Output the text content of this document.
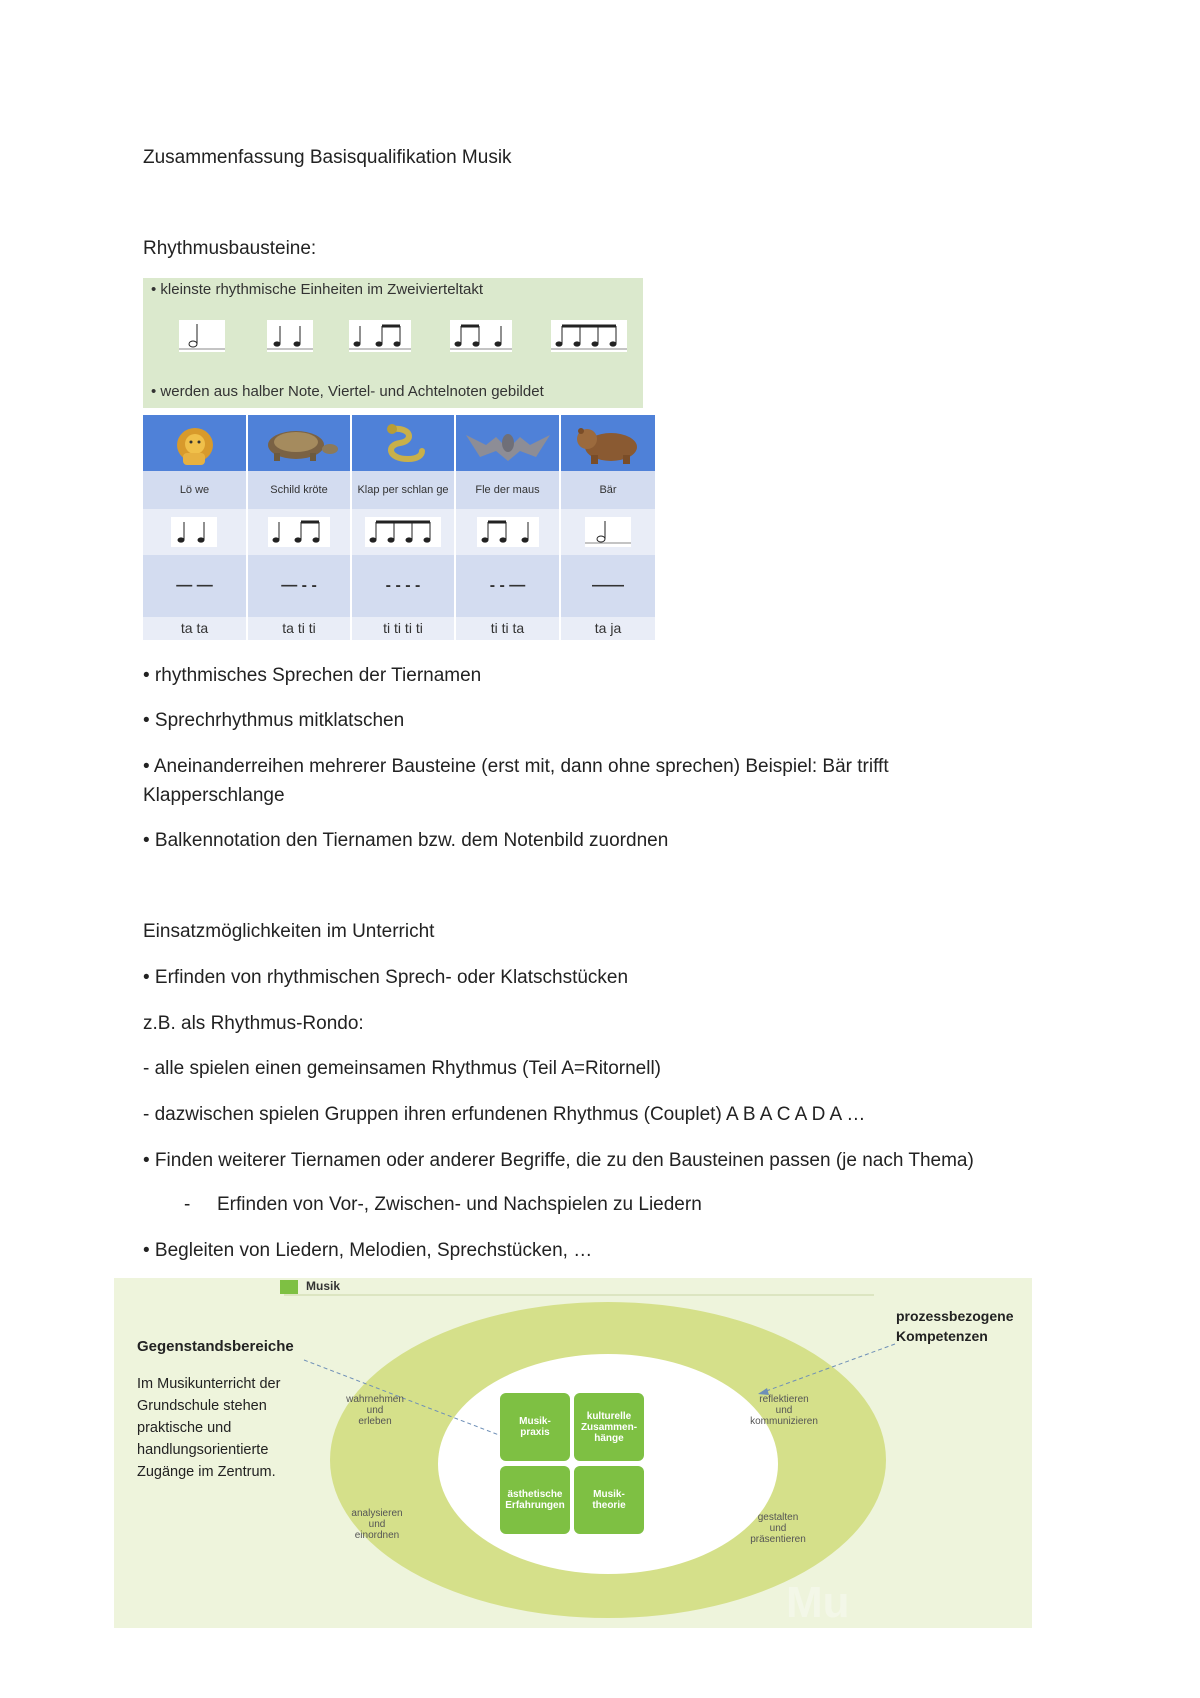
Zusammenfassung Basisqualifikation Musik
Rhythmusbausteine:
• kleinste rhythmische Einheiten im Zweivierteltakt
• werden aus halber Note, Viertel- und Achtelnoten gebildet
Lö we
— —
ta ta
Schild kröte
— - -
ta ti ti
Klap per schlan ge
- - - -
ti ti ti ti
Fle der maus
- - —
ti ti ta
Bär
——
ta ja
• rhythmisches Sprechen der Tiernamen
• Sprechrhythmus mitklatschen
• Aneinanderreihen mehrerer Bausteine (erst mit, dann ohne sprechen) Beispiel: Bär trifft
Klapperschlange
• Balkennotation den Tiernamen bzw. dem Notenbild zuordnen
Einsatzmöglichkeiten im Unterricht
• Erfinden von rhythmischen Sprech- oder Klatschstücken
z.B. als Rhythmus-Rondo:
- alle spielen einen gemeinsamen Rhythmus (Teil A=Ritornell)
- dazwischen spielen Gruppen ihren erfundenen Rhythmus (Couplet) A B A C A D A …
• Finden weiterer Tiernamen oder anderer Begriffe, die zu den Bausteinen passen (je nach Thema)
- Erfinden von Vor-, Zwischen- und Nachspielen zu Liedern
• Begleiten von Liedern, Melodien, Sprechstücken, …
Musik
Gegenstandsbereiche
Im Musikunterricht der
Grundschule stehen
praktische und
handlungsorientierte
Zugänge im Zentrum.
prozessbezogene
Kompetenzen
wahrnehmen
und
erleben
reflektieren
und
kommunizieren
analysieren
und
einordnen
gestalten
und
präsentieren
Musik-
praxis
kulturelle
Zusammen-
hänge
ästhetische
Erfahrungen
Musik-
theorie
Mu
